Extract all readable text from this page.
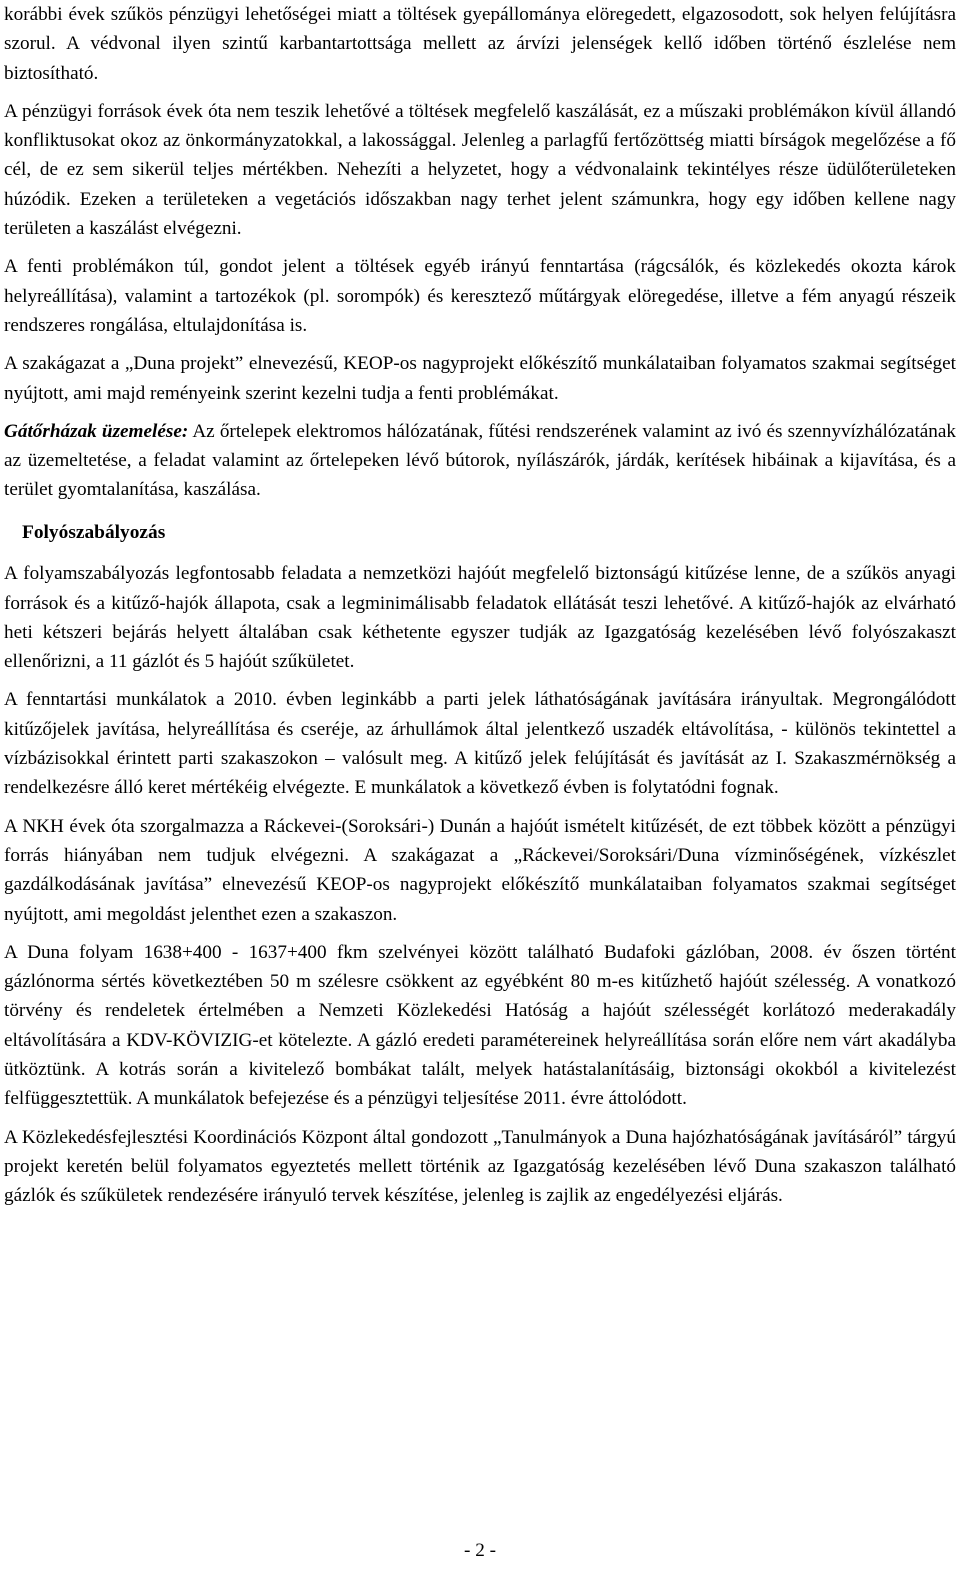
korábbi évek szűkös pénzügyi lehetőségei miatt a töltések gyepállománya elöregedett, elgazosodott, sok helyen felújításra szorul. A védvonal ilyen szintű karbantartottsága mellett az árvízi jelenségek kellő időben történő észlelése nem biztosítható.

A pénzügyi források évek óta nem teszik lehetővé a töltések megfelelő kaszálását, ez a műszaki problémákon kívül állandó konfliktusokat okoz az önkormányzatokkal, a lakossággal. Jelenleg a parlagfű fertőzöttség miatti bírságok megelőzése a fő cél, de ez sem sikerül teljes mértékben. Nehezíti a helyzetet, hogy a védvonalaink tekintélyes része üdülőterületeken húzódik. Ezeken a területeken a vegetációs időszakban nagy terhet jelent számunkra, hogy egy időben kellene nagy területen a kaszálást elvégezni.

A fenti problémákon túl, gondot jelent a töltések egyéb irányú fenntartása (rágcsálók, és közlekedés okozta károk helyreállítása), valamint a tartozékok (pl. sorompók) és keresztező műtárgyak elöregedése, illetve a fém anyagú részeik rendszeres rongálása, eltulajdonítása is.

A szakágazat a „Duna projekt” elnevezésű, KEOP-os nagyprojekt előkészítő munkálataiban folyamatos szakmai segítséget nyújtott, ami majd reményeink szerint kezelni tudja a fenti problémákat.

Gátőrházak üzemelése: Az őrtelepek elektromos hálózatának, fűtési rendszerének valamint az ivó és szennyvízhálózatának az üzemeltetése, a feladat valamint az őrtelepeken lévő bútorok, nyílászárók, járdák, kerítések hibáinak a kijavítása, és a terület gyomtalanítása, kaszálása.

Folyószabályozás

A folyamszabályozás legfontosabb feladata a nemzetközi hajóút megfelelő biztonságú kitűzése lenne, de a szűkös anyagi források és a kitűző-hajók állapota, csak a legminimálisabb feladatok ellátását teszi lehetővé. A kitűző-hajók az elvárható heti kétszeri bejárás helyett általában csak kéthetente egyszer tudják az Igazgatóság kezelésében lévő folyószakaszt ellenőrizni, a 11 gázlót és 5 hajóút szűkületet.

A fenntartási munkálatok a 2010. évben leginkább a parti jelek láthatóságának javítására irányultak. Megrongálódott kitűzőjelek javítása, helyreállítása és cseréje, az árhullámok által jelentkező uszadék eltávolítása, - különös tekintettel a vízbázisokkal érintett parti szakaszokon – valósult meg. A kitűző jelek felújítását és javítását az I. Szakaszmérnökség a rendelkezésre álló keret mértékéig elvégezte. E munkálatok a következő évben is folytatódni fognak.

A NKH évek óta szorgalmazza a Ráckevei-(Soroksári-) Dunán a hajóút ismételt kitűzését, de ezt többek között a pénzügyi forrás hiányában nem tudjuk elvégezni. A szakágazat a „Ráckevei/Soroksári/Duna vízminőségének, vízkészlet gazdálkodásának javítása” elnevezésű KEOP-os nagyprojekt előkészítő munkálataiban folyamatos szakmai segítséget nyújtott, ami megoldást jelenthet ezen a szakaszon.

A Duna folyam 1638+400 - 1637+400 fkm szelvényei között található Budafoki gázlóban, 2008. év őszen történt gázlónorma sértés következtében 50 m szélesre csökkent az egyébként 80 m-es kitűzhető hajóút szélesség. A vonatkozó törvény és rendeletek értelmében a Nemzeti Közlekedési Hatóság a hajóút szélességét korlátozó mederakadály eltávolítására a KDV-KÖVIZIG-et kötelezte. A gázló eredeti paramétereinek helyreállítása során előre nem várt akadályba ütköztünk. A kotrás során a kivitelező bombákat talált, melyek hatástalanításáig, biztonsági okokból a kivitelezést felfüggesztettük. A munkálatok befejezése és a pénzügyi teljesítése 2011. évre áttolódott.

A Közlekedésfejlesztési Koordinációs Központ által gondozott „Tanulmányok a Duna hajózhatóságának javításáról” tárgyú projekt keretén belül folyamatos egyeztetés mellett történik az Igazgatóság kezelésében lévő Duna szakaszon található gázlók és szűkületek rendezésére irányuló tervek készítése, jelenleg is zajlik az engedélyezési eljárás.

- 2 -
